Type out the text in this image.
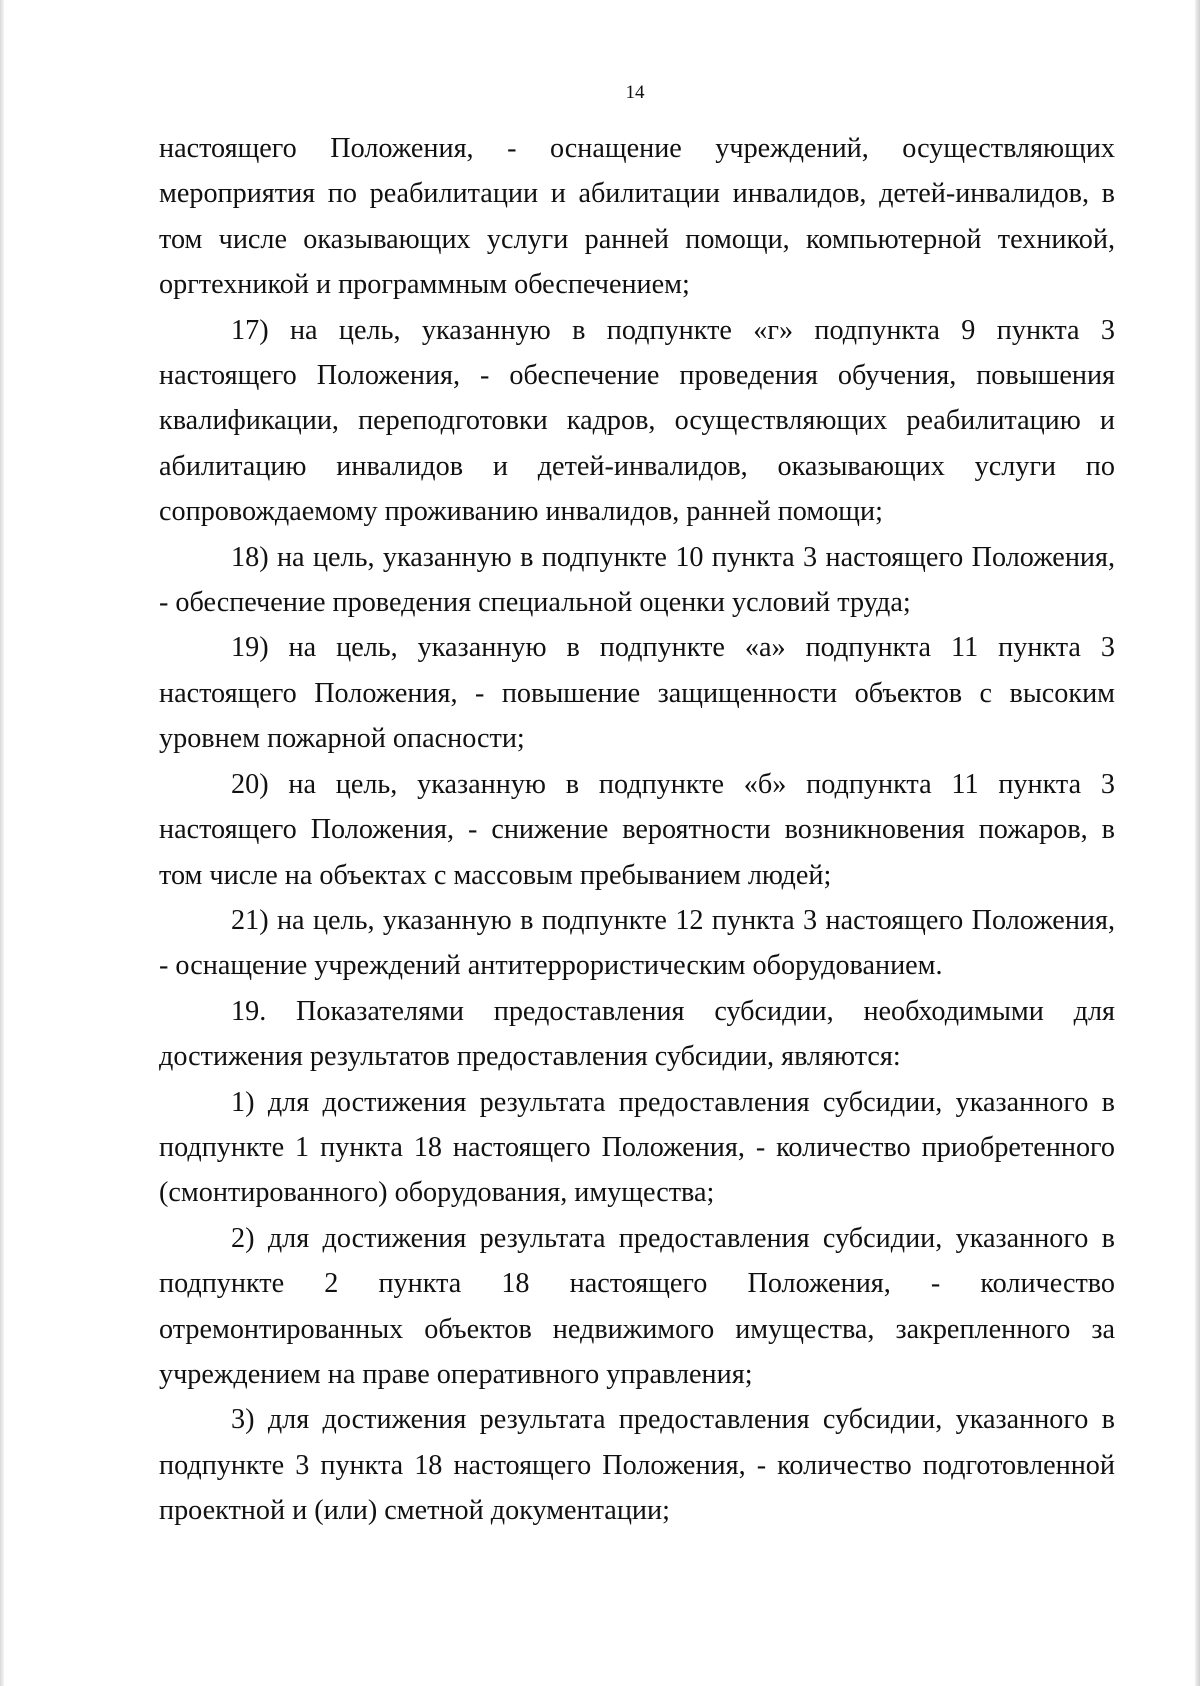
14

настоящего Положения, - оснащение учреждений, осуществляющих мероприятия по реабилитации и абилитации инвалидов, детей-инвалидов, в том числе оказывающих услуги ранней помощи, компьютерной техникой, оргтехникой и программным обеспечением;

17) на цель, указанную в подпункте «г» подпункта 9 пункта 3 настоящего Положения, - обеспечение проведения обучения, повышения квалификации, переподготовки кадров, осуществляющих реабилитацию и абилитацию инвалидов и детей-инвалидов, оказывающих услуги по сопровождаемому проживанию инвалидов, ранней помощи;

18) на цель, указанную в подпункте 10 пункта 3 настоящего Положения, - обеспечение проведения специальной оценки условий труда;

19) на цель, указанную в подпункте «а» подпункта 11 пункта 3 настоящего Положения, - повышение защищенности объектов с высоким уровнем пожарной опасности;

20) на цель, указанную в подпункте «б» подпункта 11 пункта 3 настоящего Положения, - снижение вероятности возникновения пожаров, в том числе на объектах с массовым пребыванием людей;

21) на цель, указанную в подпункте 12 пункта 3 настоящего Положения, - оснащение учреждений антитеррористическим оборудованием.

19. Показателями предоставления субсидии, необходимыми для достижения результатов предоставления субсидии, являются:

1) для достижения результата предоставления субсидии, указанного в подпункте 1 пункта 18 настоящего Положения, - количество приобретенного (смонтированного) оборудования, имущества;

2) для достижения результата предоставления субсидии, указанного в подпункте 2 пункта 18 настоящего Положения, - количество отремонтированных объектов недвижимого имущества, закрепленного за учреждением на праве оперативного управления;

3) для достижения результата предоставления субсидии, указанного в подпункте 3 пункта 18 настоящего Положения, - количество подготовленной проектной и (или) сметной документации;
